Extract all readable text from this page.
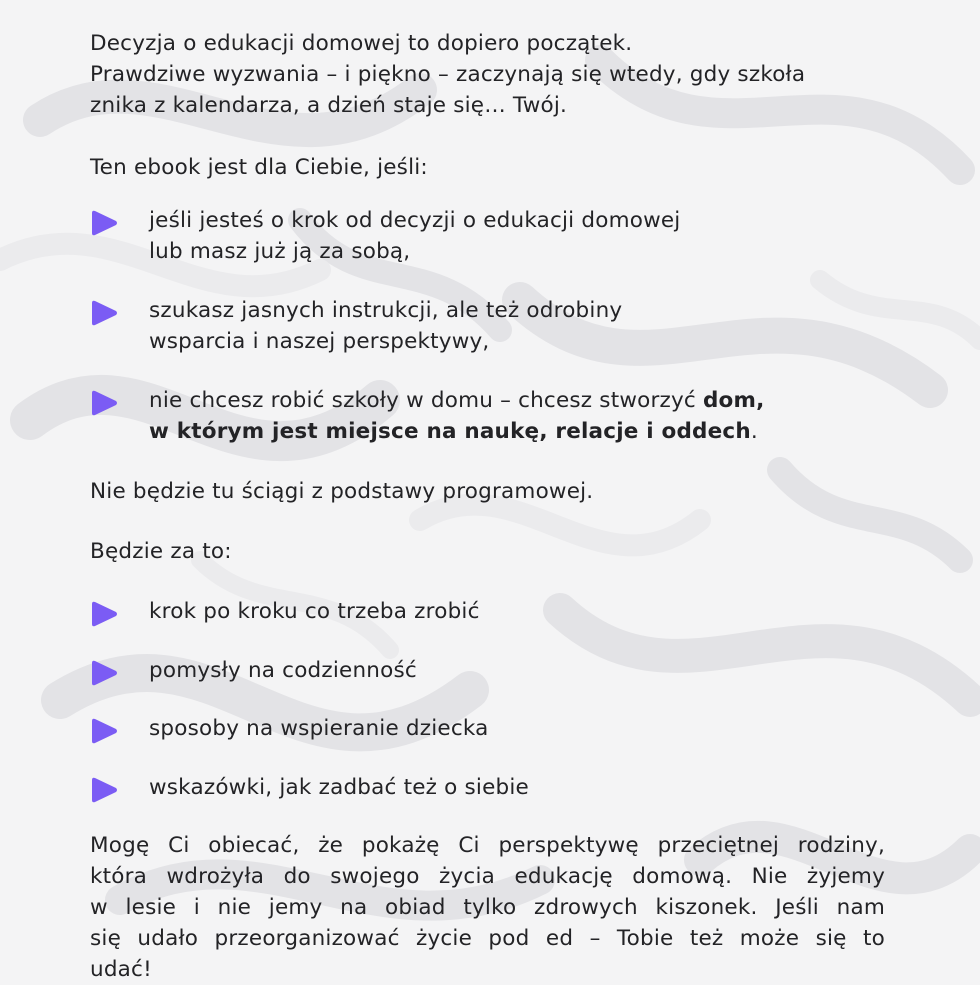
Decyzja o edukacji domowej to dopiero początek.
Prawdziwe wyzwania – i piękno – zaczynają się wtedy, gdy szkoła
znika z kalendarza, a dzień staje się… Twój.

Ten ebook jest dla Ciebie, jeśli:

jeśli jesteś o krok od decyzji o edukacji domowej
lub masz już ją za sobą,
szukasz jasnych instrukcji, ale też odrobiny
wsparcia i naszej perspektywy,
nie chcesz robić szkoły w domu – chcesz stworzyć dom,
w którym jest miejsce na naukę, relacje i oddech.

Nie będzie tu ściągi z podstawy programowej.

Będzie za to:

krok po kroku co trzeba zrobić
pomysły na codzienność
sposoby na wspieranie dziecka
wskazówki, jak zadbać też o siebie

Mogę Ci obiecać, że pokażę Ci perspektywę przeciętnej rodziny,
która wdrożyła do swojego życia edukację domową. Nie żyjemy
w lesie i nie jemy na obiad tylko zdrowych kiszonek. Jeśli nam
się udało przeorganizować życie pod ed – Tobie też może się to
udać!
